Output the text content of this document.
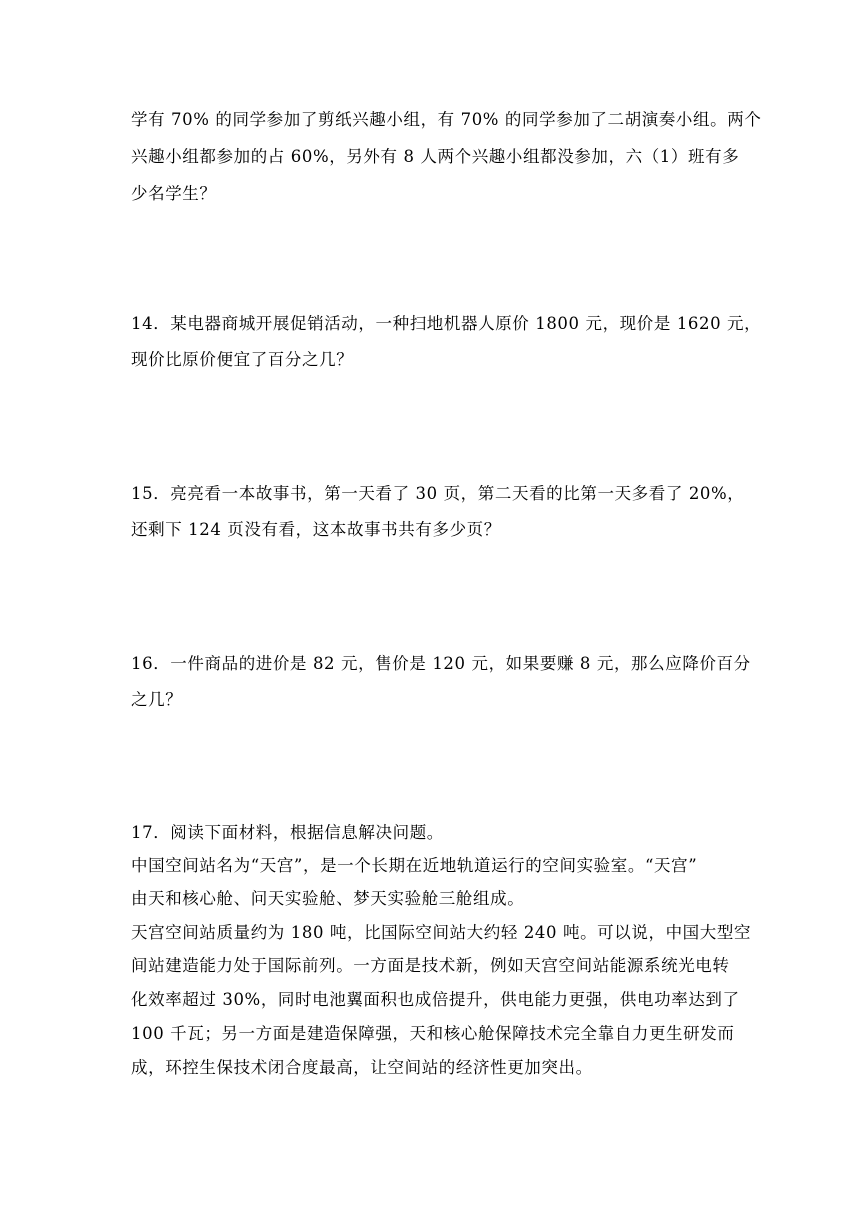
学有 70% 的同学参加了剪纸兴趣小组，有 70% 的同学参加了二胡演奏小组。两个
兴趣小组都参加的占 60%，另外有 8 人两个兴趣小组都没参加，六（1）班有多
少名学生？
14．某电器商城开展促销活动，一种扫地机器人原价 1800 元，现价是 1620 元，
现价比原价便宜了百分之几？
15．亮亮看一本故事书，第一天看了 30 页，第二天看的比第一天多看了 20%，
还剩下 124 页没有看，这本故事书共有多少页？
16．一件商品的进价是 82 元，售价是 120 元，如果要赚 8 元，那么应降价百分
之几？
17．阅读下面材料，根据信息解决问题。
中国空间站名为“天宫”，是一个长期在近地轨道运行的空间实验室。“天宫”
由天和核心舱、问天实验舱、梦天实验舱三舱组成。
天宫空间站质量约为 180 吨，比国际空间站大约轻 240 吨。可以说，中国大型空
间站建造能力处于国际前列。一方面是技术新，例如天宫空间站能源系统光电转
化效率超过 30%，同时电池翼面积也成倍提升，供电能力更强，供电功率达到了
100 千瓦；另一方面是建造保障强，天和核心舱保障技术完全靠自力更生研发而
成，环控生保技术闭合度最高，让空间站的经济性更加突出。
